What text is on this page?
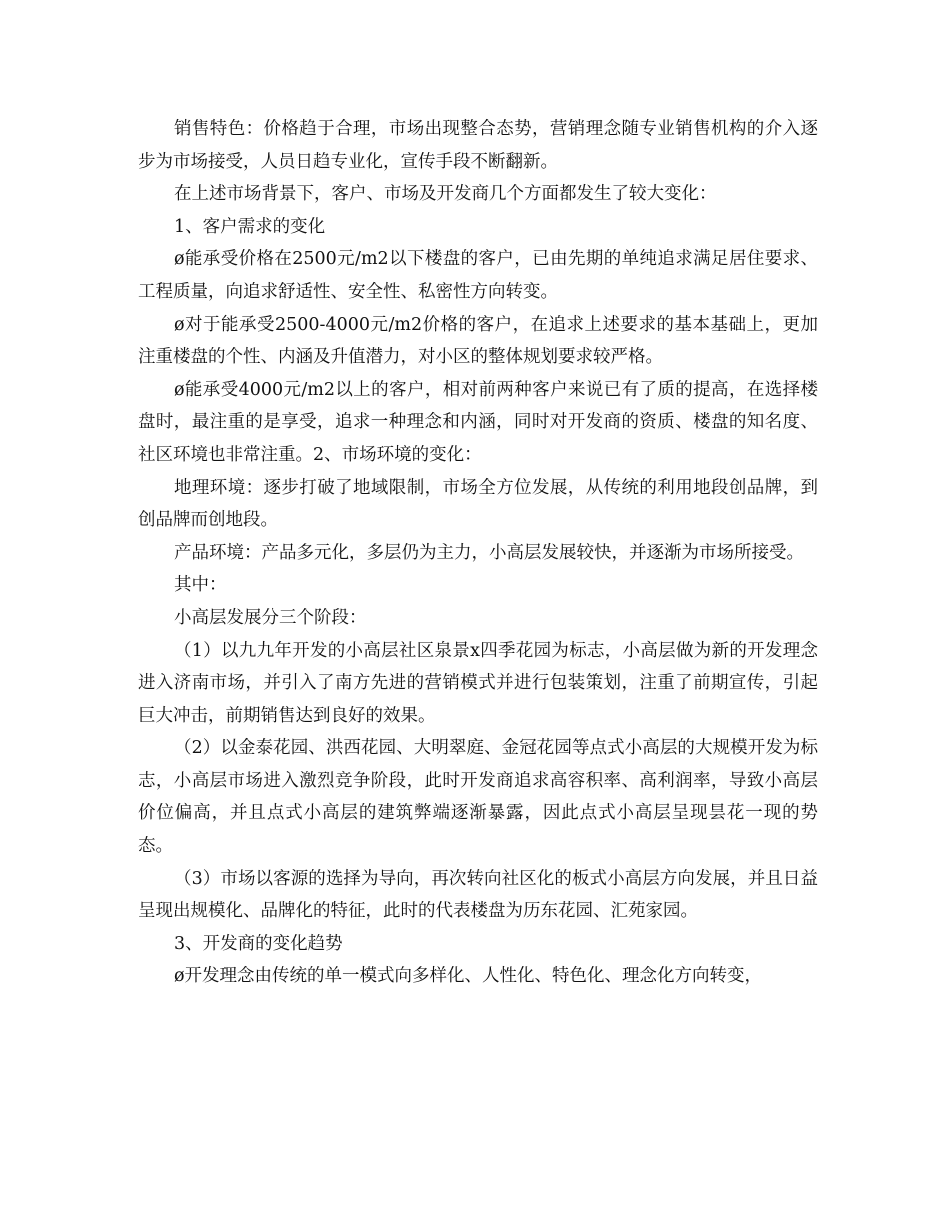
销售特色：价格趋于合理，市场出现整合态势，营销理念随专业销售机构的介入逐步为市场接受，人员日趋专业化，宣传手段不断翻新。

在上述市场背景下，客户、市场及开发商几个方面都发生了较大变化：

1、客户需求的变化

ø能承受价格在2500元/m2以下楼盘的客户，已由先期的单纯追求满足居住要求、工程质量，向追求舒适性、安全性、私密性方向转变。

ø对于能承受2500-4000元/m2价格的客户，在追求上述要求的基本基础上，更加注重楼盘的个性、内涵及升值潜力，对小区的整体规划要求较严格。

ø能承受4000元/m2以上的客户，相对前两种客户来说已有了质的提高，在选择楼盘时，最注重的是享受，追求一种理念和内涵，同时对开发商的资质、楼盘的知名度、社区环境也非常注重。2、市场环境的变化：

地理环境：逐步打破了地域限制，市场全方位发展，从传统的利用地段创品牌，到创品牌而创地段。

产品环境：产品多元化，多层仍为主力，小高层发展较快，并逐渐为市场所接受。

其中：

小高层发展分三个阶段：

（1）以九九年开发的小高层社区泉景x四季花园为标志，小高层做为新的开发理念进入济南市场，并引入了南方先进的营销模式并进行包装策划，注重了前期宣传，引起巨大冲击，前期销售达到良好的效果。

（2）以金泰花园、洪西花园、大明翠庭、金冠花园等点式小高层的大规模开发为标志，小高层市场进入激烈竞争阶段，此时开发商追求高容积率、高利润率，导致小高层价位偏高，并且点式小高层的建筑弊端逐渐暴露，因此点式小高层呈现昙花一现的势态。

（3）市场以客源的选择为导向，再次转向社区化的板式小高层方向发展，并且日益呈现出规模化、品牌化的特征，此时的代表楼盘为历东花园、汇苑家园。

3、开发商的变化趋势

ø开发理念由传统的单一模式向多样化、人性化、特色化、理念化方向转变，
